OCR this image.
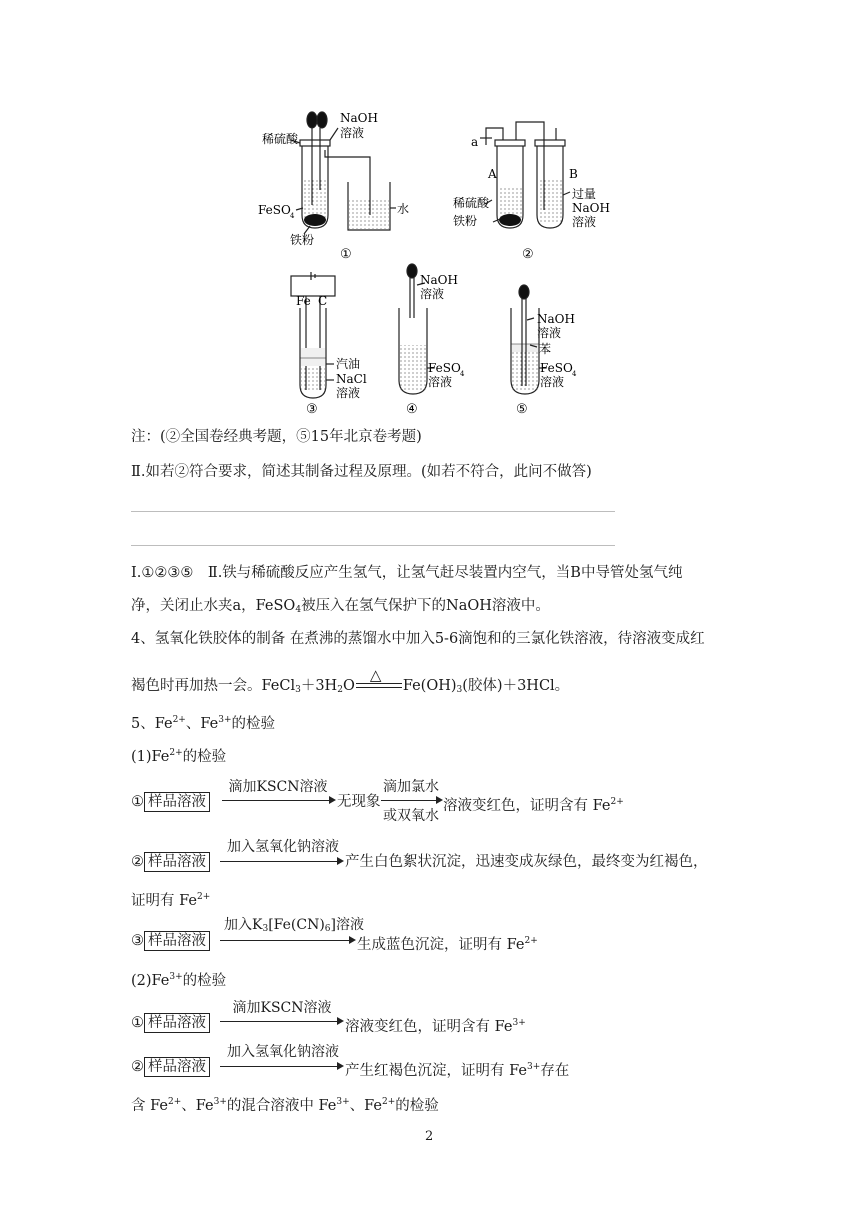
稀硫酸
NaOH
溶液
FeSO 4
铁粉
水
①
a
A	B
稀硫酸
铁粉
过量
NaOH
溶液
②
Fe C
汽油
NaCl
溶液
③
NaOH
溶液
FeSO 4
溶液
④
NaOH
溶液
苯
FeSO 4
溶液
⑤
注：(②全国卷经典考题，⑤15年北京卷考题)
Ⅱ.如若②符合要求，简述其制备过程及原理。(如若不符合，此问不做答)
Ⅰ.①②③⑤　Ⅱ.铁与稀硫酸反应产生氢气，让氢气赶尽装置内空气，当B中导管处氢气纯
净，关闭止水夹a，FeSO$_4$被压入在氢气保护下的NaOH溶液中。
4、氢氧化铁胶体的制备 在煮沸的蒸馏水中加入5-6滴饱和的三氯化铁溶液，待溶液变成红
褐色时再加热一会。$FeCl_3+3H_2O$
△
$Fe(OH)_3$(胶体)＋3HCl。
5、$Fe^{2+}$、$Fe^{3+}$的检验
$(1)Fe^{2+}$的检验
① 样品溶液
滴加KSCN溶液
无现象
滴加氯水
或双氧水
溶液变红色，证明含有 $Fe^{2+}$
② 样品溶液
加入氢氧化钠溶液
产生白色絮状沉淀，迅速变成灰绿色，最终变为红褐色，
证明有 $Fe^{2+}$
③ 样品溶液
加入$K_3[Fe(CN)_6]$溶液
生成蓝色沉淀，证明有 $Fe^{2+}$
$(2)Fe^{3+}$的检验
① 样品溶液
滴加KSCN溶液
溶液变红色，证明含有 $Fe^{3+}$
② 样品溶液
加入氢氧化钠溶液
产生红褐色沉淀，证明有 $Fe^{3+}$存在
含 $Fe^{2+}$、$Fe^{3+}$的混合溶液中 $Fe^{3+}$、$Fe^{2+}$的检验
2
